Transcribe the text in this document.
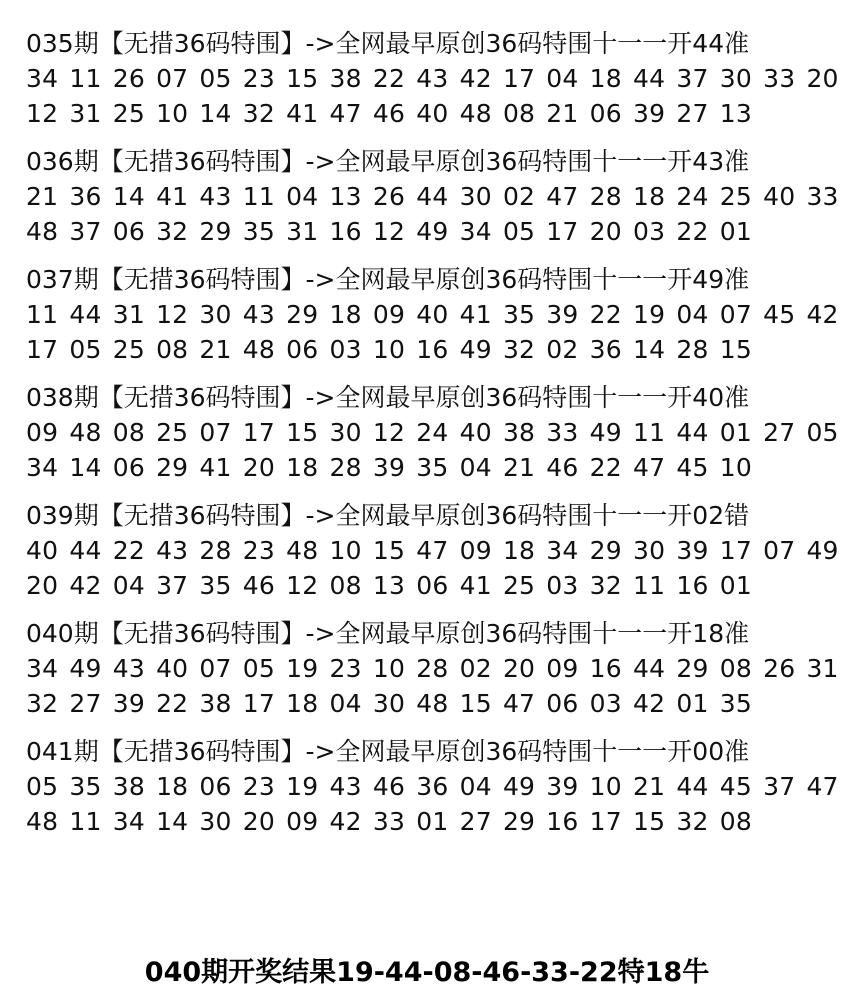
035期【无措36码特围】->全网最早原创36码特围十一一开44准
34 11 26 07 05 23 15 38 22 43 42 17 04 18 44 37 30 33 20
12 31 25 10 14 32 41 47 46 40 48 08 21 06 39 27 13
036期【无措36码特围】->全网最早原创36码特围十一一开43准
21 36 14 41 43 11 04 13 26 44 30 02 47 28 18 24 25 40 33
48 37 06 32 29 35 31 16 12 49 34 05 17 20 03 22 01
037期【无措36码特围】->全网最早原创36码特围十一一开49准
11 44 31 12 30 43 29 18 09 40 41 35 39 22 19 04 07 45 42
17 05 25 08 21 48 06 03 10 16 49 32 02 36 14 28 15
038期【无措36码特围】->全网最早原创36码特围十一一开40准
09 48 08 25 07 17 15 30 12 24 40 38 33 49 11 44 01 27 05
34 14 06 29 41 20 18 28 39 35 04 21 46 22 47 45 10
039期【无措36码特围】->全网最早原创36码特围十一一开02错
40 44 22 43 28 23 48 10 15 47 09 18 34 29 30 39 17 07 49
20 42 04 37 35 46 12 08 13 06 41 25 03 32 11 16 01
040期【无措36码特围】->全网最早原创36码特围十一一开18准
34 49 43 40 07 05 19 23 10 28 02 20 09 16 44 29 08 26 31
32 27 39 22 38 17 18 04 30 48 15 47 06 03 42 01 35
041期【无措36码特围】->全网最早原创36码特围十一一开00准
05 35 38 18 06 23 19 43 46 36 04 49 39 10 21 44 45 37 47
48 11 34 14 30 20 09 42 33 01 27 29 16 17 15 32 08
040期开奖结果19-44-08-46-33-22特18牛
